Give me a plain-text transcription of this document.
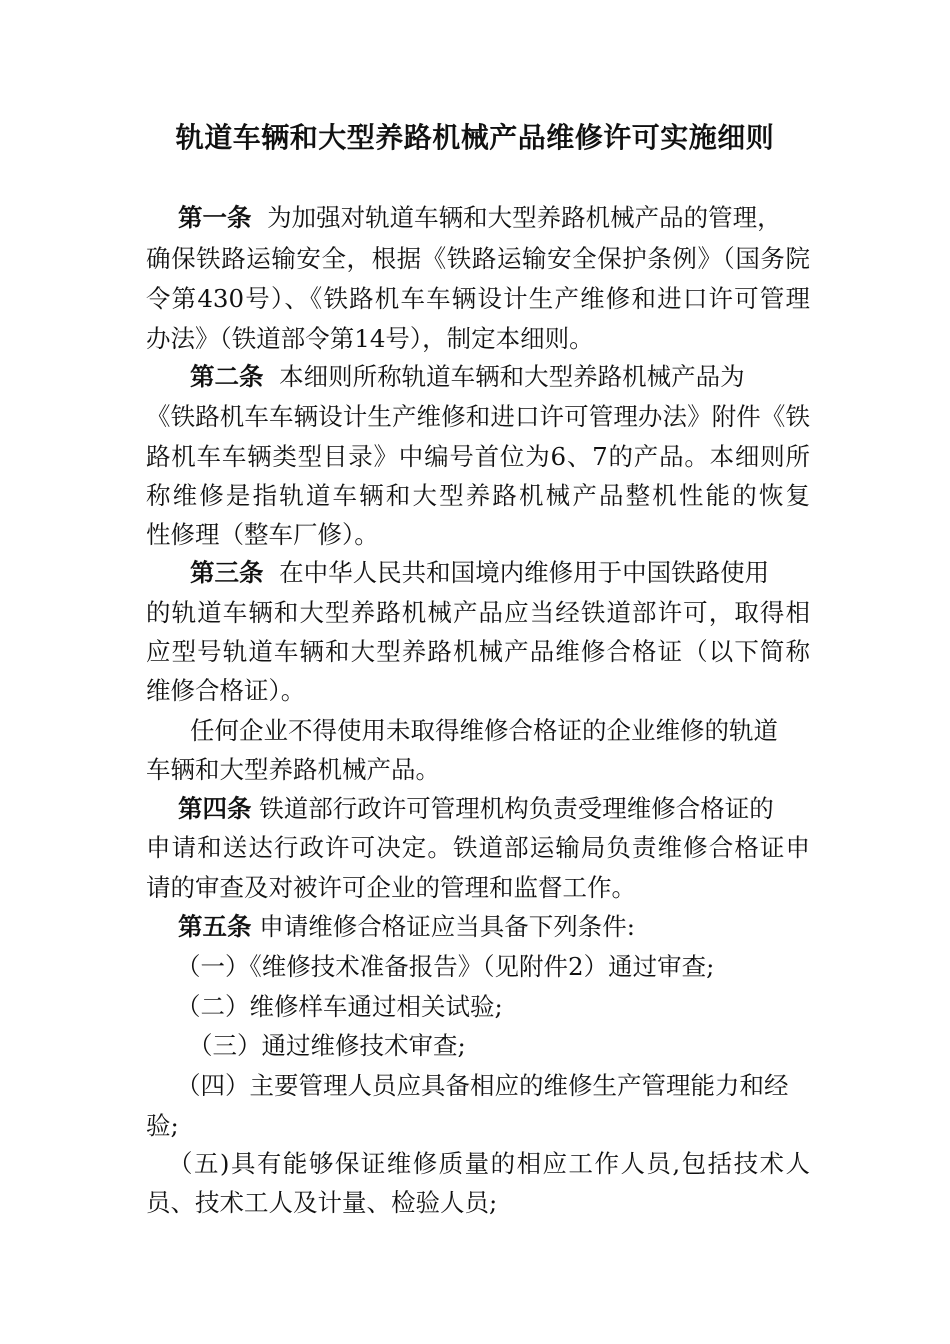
轨道车辆和大型养路机械产品维修许可实施细则
第一条 为加强对轨道车辆和大型养路机械产品的管理，
确保铁路运输安全，根据《铁路运输安全保护条例》（国务院
令第430号）、《铁路机车车辆设计生产维修和进口许可管理
办法》（铁道部令第14号），制定本细则。
第二条 本细则所称轨道车辆和大型养路机械产品为
《铁路机车车辆设计生产维修和进口许可管理办法》附件《铁
路机车车辆类型目录》中编号首位为6、7的产品。本细则所
称维修是指轨道车辆和大型养路机械产品整机性能的恢复
性修理（整车厂修）。
第三条 在中华人民共和国境内维修用于中国铁路使用
的轨道车辆和大型养路机械产品应当经铁道部许可，取得相
应型号轨道车辆和大型养路机械产品维修合格证（以下简称
维修合格证）。
任何企业不得使用未取得维修合格证的企业维修的轨道
车辆和大型养路机械产品。
第四条 铁道部行政许可管理机构负责受理维修合格证的
申请和送达行政许可决定。铁道部运输局负责维修合格证申
请的审查及对被许可企业的管理和监督工作。
第五条 申请维修合格证应当具备下列条件:
（一）《维修技术准备报告》（见附件2）通过审查;
（二）维修样车通过相关试验;
（三）通过维修技术审查;
（四）主要管理人员应具备相应的维修生产管理能力和经
验;
（五)具有能够保证维修质量的相应工作人员,包括技术人
员、技术工人及计量、检验人员;
